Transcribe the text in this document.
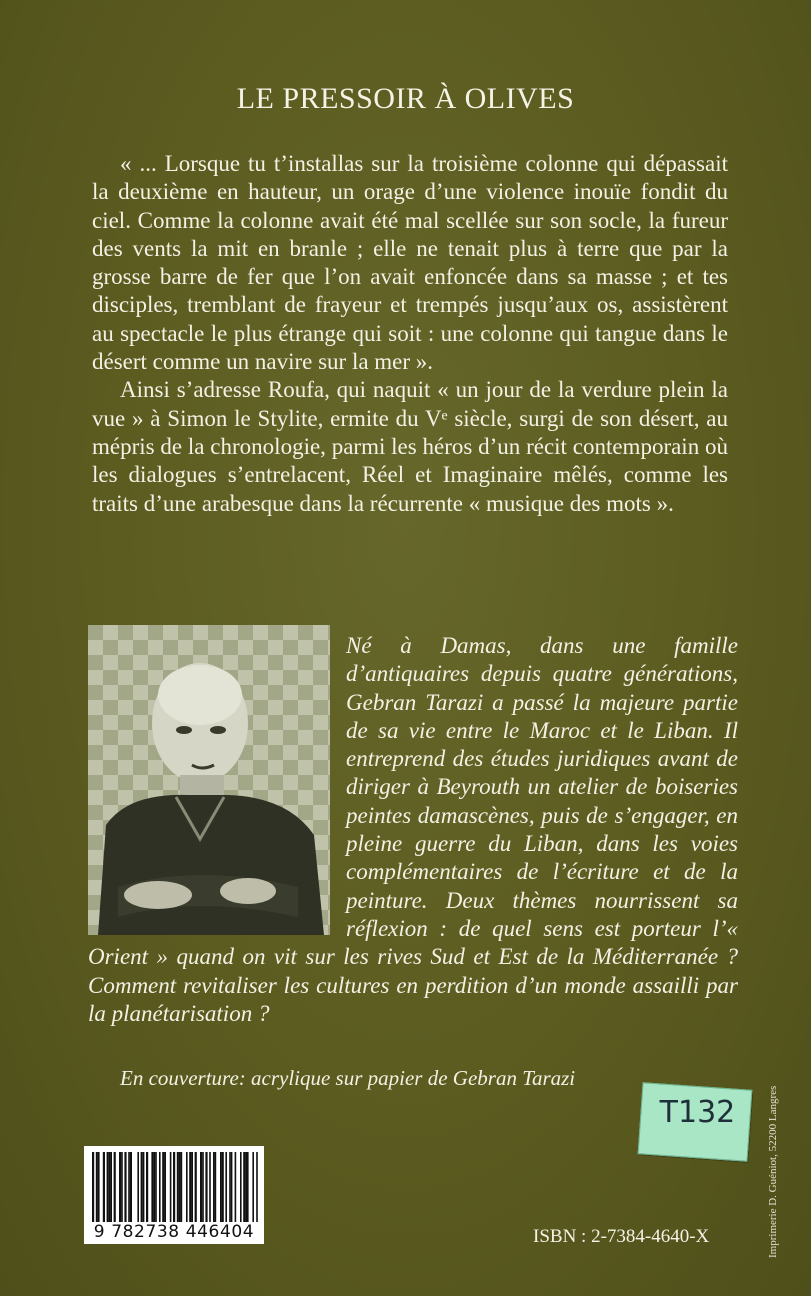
LE PRESSOIR À OLIVES

« ... Lorsque tu t’installas sur la troisième colonne qui dépassait la deuxième en hauteur, un orage d’une violence inouïe fondit du ciel. Comme la colonne avait été mal scellée sur son socle, la fureur des vents la mit en branle ; elle ne tenait plus à terre que par la grosse barre de fer que l’on avait enfoncée dans sa masse ; et tes disciples, tremblant de frayeur et trempés jusqu’aux os, assistèrent au spectacle le plus étrange qui soit : une colonne qui tangue dans le désert comme un navire sur la mer ».

Ainsi s’adresse Roufa, qui naquit « un jour de la verdure plein la vue » à Simon le Stylite, ermite du Vᵉ siècle, surgi de son désert, au mépris de la chronologie, parmi les héros d’un récit contemporain où les dialogues s’entrelacent, Réel et Imaginaire mêlés, comme les traits d’une arabesque dans la récurrente « musique des mots ».

Né à Damas, dans une famille d’antiquaires depuis quatre générations, Gebran Tarazi a passé la majeure partie de sa vie entre le Maroc et le Liban. Il entreprend des études juridiques avant de diriger à Beyrouth un atelier de boiseries peintes damascènes, puis de s’engager, en pleine guerre du Liban, dans les voies complémentaires de l’écriture et de la peinture. Deux thèmes nourrissent sa réflexion : de quel sens est porteur l’« Orient » quand on vit sur les rives Sud et Est de la Méditerranée ? Comment revitaliser les cultures en perdition d’un monde assailli par la planétarisation ?

En couverture: acrylique sur papier de Gebran Tarazi
T132	Imprimerie D. Guéniot, 52200 Langres
9 782738 446404	ISBN : 2-7384-4640-X
